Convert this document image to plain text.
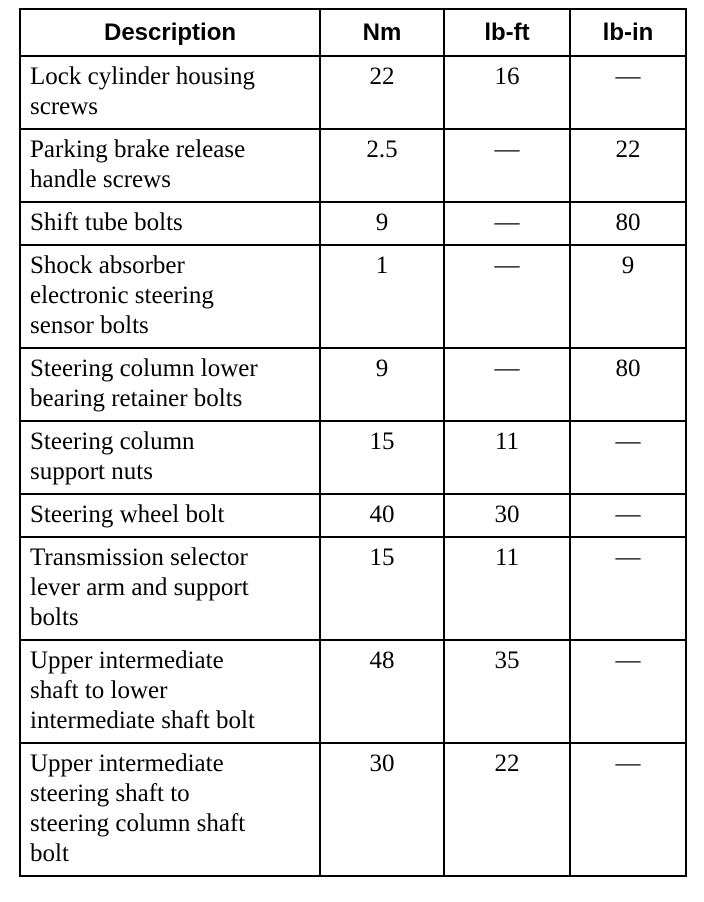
Description	Nm	lb-ft	lb-in

Lock cylinder housing
screws	22	16	—

Parking brake release
handle screws	2.5	—	22

Shift tube bolts	9	—	80

Shock absorber
electronic steering
sensor bolts	1	—	9

Steering column lower
bearing retainer bolts	9	—	80

Steering column
support nuts	15	11	—

Steering wheel bolt	40	30	—

Transmission selector
lever arm and support
bolts	15	11	—

Upper intermediate
shaft to lower
intermediate shaft bolt	48	35	—

Upper intermediate
steering shaft to
steering column shaft
bolt	30	22	—
